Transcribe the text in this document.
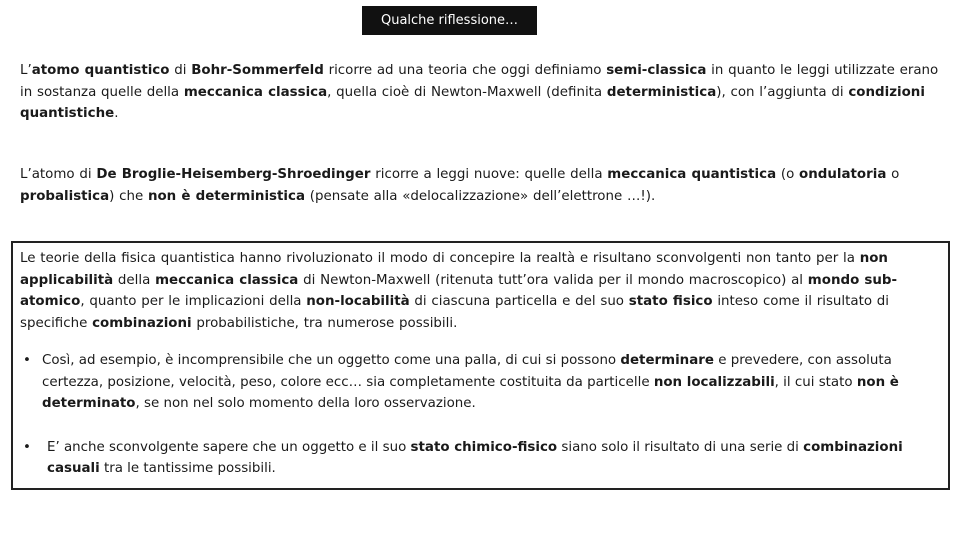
Qualche riflessione…

L’atomo quantistico di Bohr-Sommerfeld ricorre ad una teoria che oggi definiamo semi-classica in quanto le leggi utilizzate erano in sostanza quelle della meccanica classica, quella cioè di Newton-Maxwell (definita deterministica), con l’aggiunta di condizioni quantistiche.

L’atomo di De Broglie-Heisemberg-Shroedinger ricorre a leggi nuove: quelle della meccanica quantistica (o ondulatoria o probalistica) che non è deterministica (pensate alla «delocalizzazione» dell’elettrone …!).

Le teorie della fisica quantistica hanno rivoluzionato il modo di concepire la realtà e risultano sconvolgenti non tanto per la non applicabilità della meccanica classica di Newton-Maxwell (ritenuta tutt’ora valida per il mondo macroscopico) al mondo sub-atomico, quanto per le implicazioni della non-locabilità di ciascuna particella e del suo stato fisico inteso come il risultato di specifiche combinazioni probabilistiche, tra numerose possibili.

• Così, ad esempio, è incomprensibile che un oggetto come una palla, di cui si possono determinare e prevedere, con assoluta certezza, posizione, velocità, peso, colore ecc… sia completamente costituita da particelle non localizzabili, il cui stato non è determinato, se non nel solo momento della loro osservazione.
• E’ anche sconvolgente sapere che un oggetto e il suo stato chimico-fisico siano solo il risultato di una serie di combinazioni casuali tra le tantissime possibili.
